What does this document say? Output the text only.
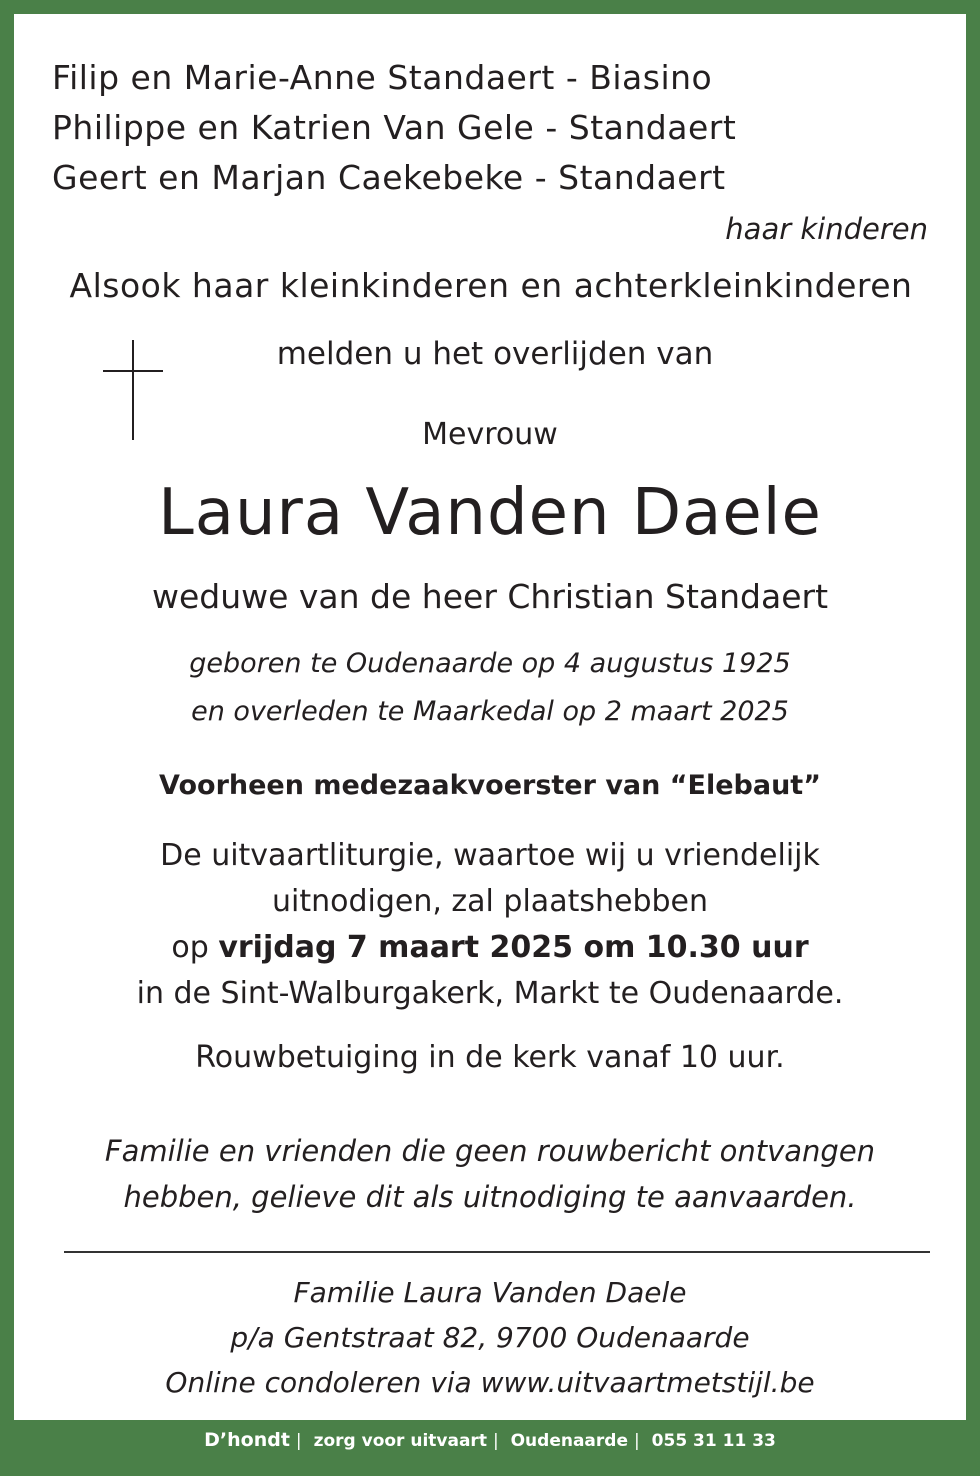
Filip en Marie-Anne Standaert - Biasino
Philippe en Katrien Van Gele - Standaert
Geert en Marjan Caekebeke - Standaert
haar kinderen
Alsook haar kleinkinderen en achterkleinkinderen
melden u het overlijden van
Mevrouw
Laura Vanden Daele
weduwe van de heer Christian Standaert
geboren te Oudenaarde op 4 augustus 1925
en overleden te Maarkedal op 2 maart 2025
Voorheen medezaakvoerster van “Elebaut”
De uitvaartliturgie, waartoe wij u vriendelijk
uitnodigen, zal plaatshebben
op vrijdag 7 maart 2025 om 10.30 uur
in de Sint-Walburgakerk, Markt te Oudenaarde.
Rouwbetuiging in de kerk vanaf 10 uur.
Familie en vrienden die geen rouwbericht ontvangen
hebben, gelieve dit als uitnodiging te aanvaarden.
Familie Laura Vanden Daele
p/a Gentstraat 82, 9700 Oudenaarde
Online condoleren via www.uitvaartmetstijl.be
D’hondt | zorg voor uitvaart | Oudenaarde | 055 31 11 33
